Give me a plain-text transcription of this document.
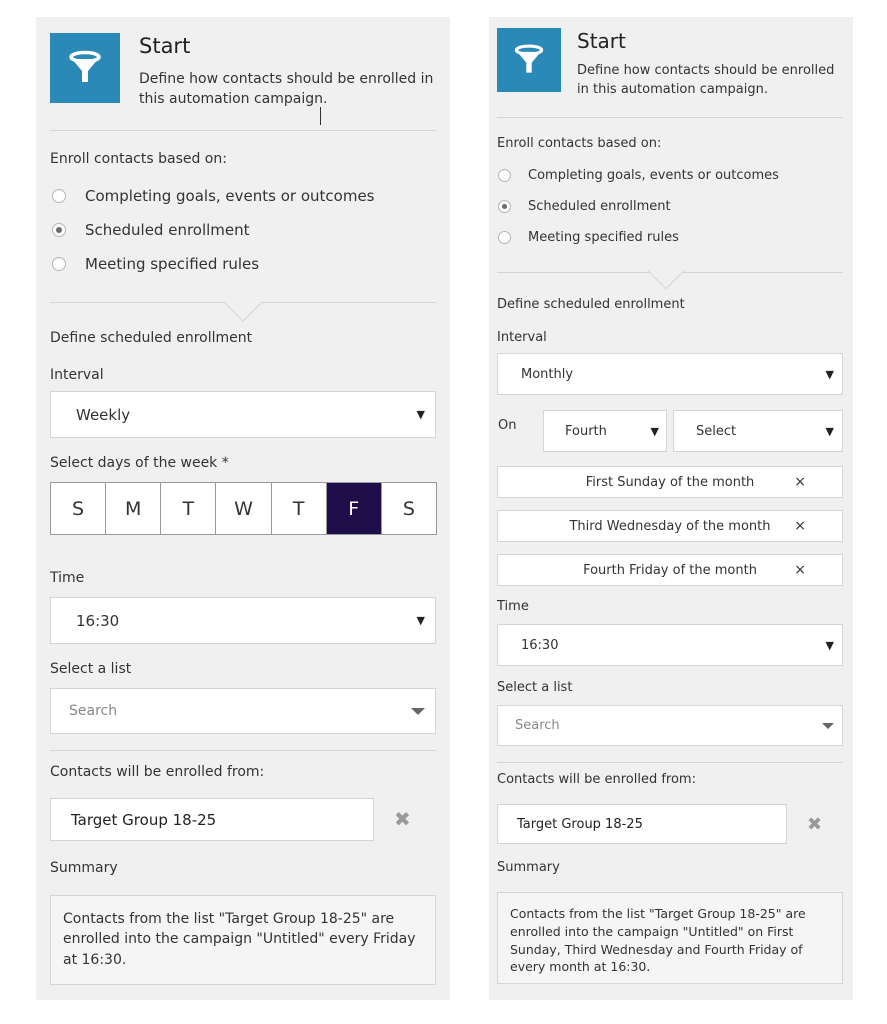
Start
Define how contacts should be enrolled in this automation campaign.
Enroll contacts based on:
Completing goals, events or outcomes
Scheduled enrollment
Meeting specified rules
Define scheduled enrollment
Interval
Weekly	▼
Select days of the week *
S	M	T	W	T	F	S
Time
16:30	▼
Select a list
Search
Contacts will be enrolled from:
Target Group 18-25	✖
Summary
Contacts from the list "Target Group 18-25" are enrolled into the campaign "Untitled" every Friday at 16:30.
Start
Define how contacts should be enrolled in this automation campaign.
Enroll contacts based on:
Completing goals, events or outcomes
Scheduled enrollment
Meeting specified rules
Define scheduled enrollment
Interval
Monthly	▼
On	Fourth	▼	Select	▼
First Sunday of the month	×
Third Wednesday of the month ×
Fourth Friday of the month	×
Time
16:30	▼
Select a list
Search
Contacts will be enrolled from:
Target Group 18-25	✖
Summary
Contacts from the list "Target Group 18-25" are enrolled into the campaign "Untitled" on First Sunday, Third Wednesday and Fourth Friday of every month at 16:30.
